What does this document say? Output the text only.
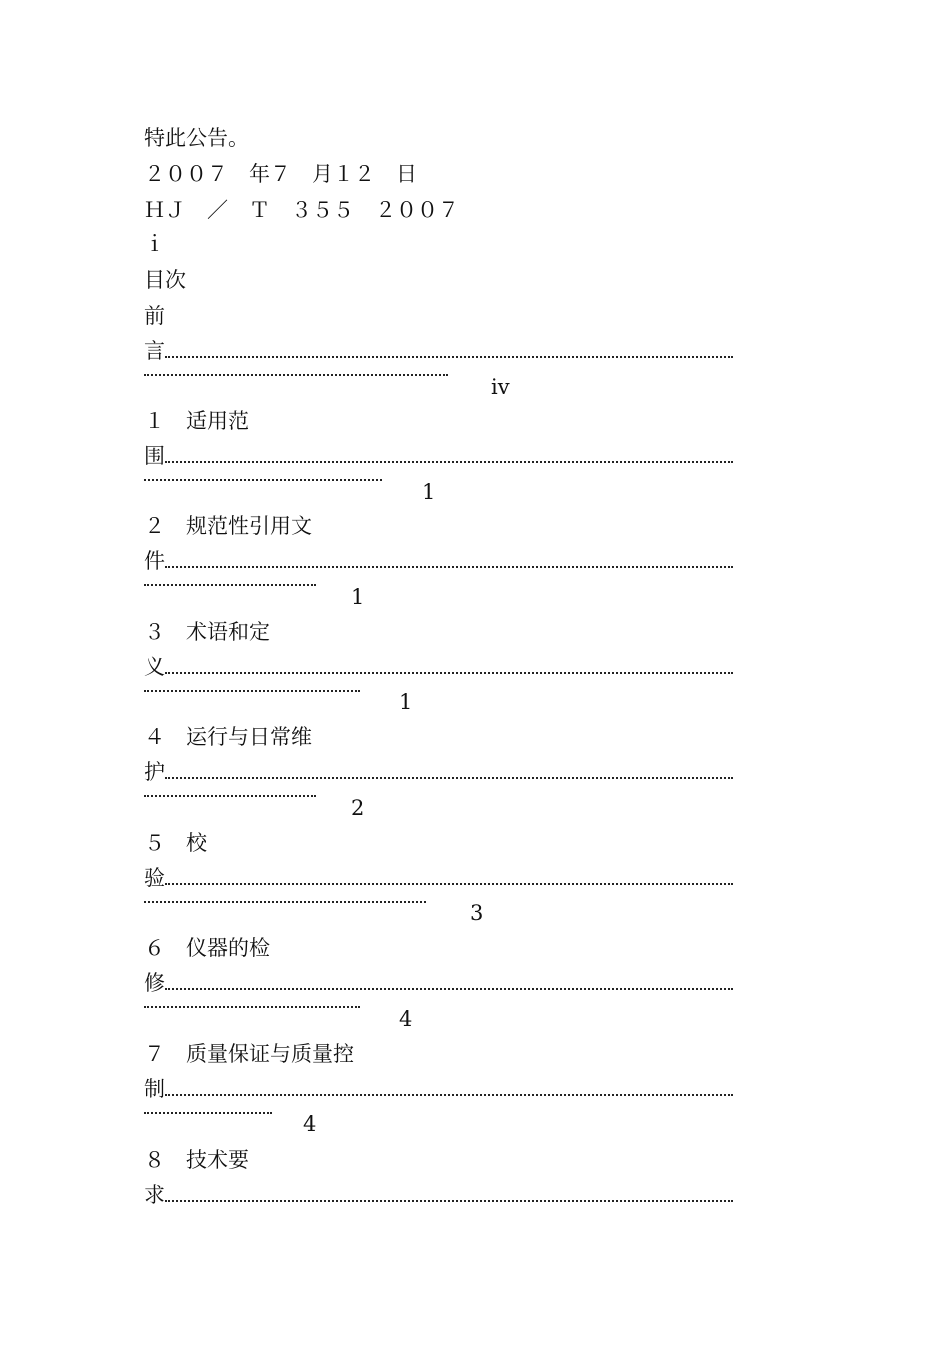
特此公告。
２００７　年７　月１２　日
ＨＪ　／　Ｔ　３５５　２００７
ｉ
目次
前
言
iv
１　适用范
围
1
２　规范性引用文
件
1
３　术语和定
义
1
４　运行与日常维
护
2
５　校
验
3
６　仪器的检
修
4
７　质量保证与质量控
制
4
８　技术要
求
